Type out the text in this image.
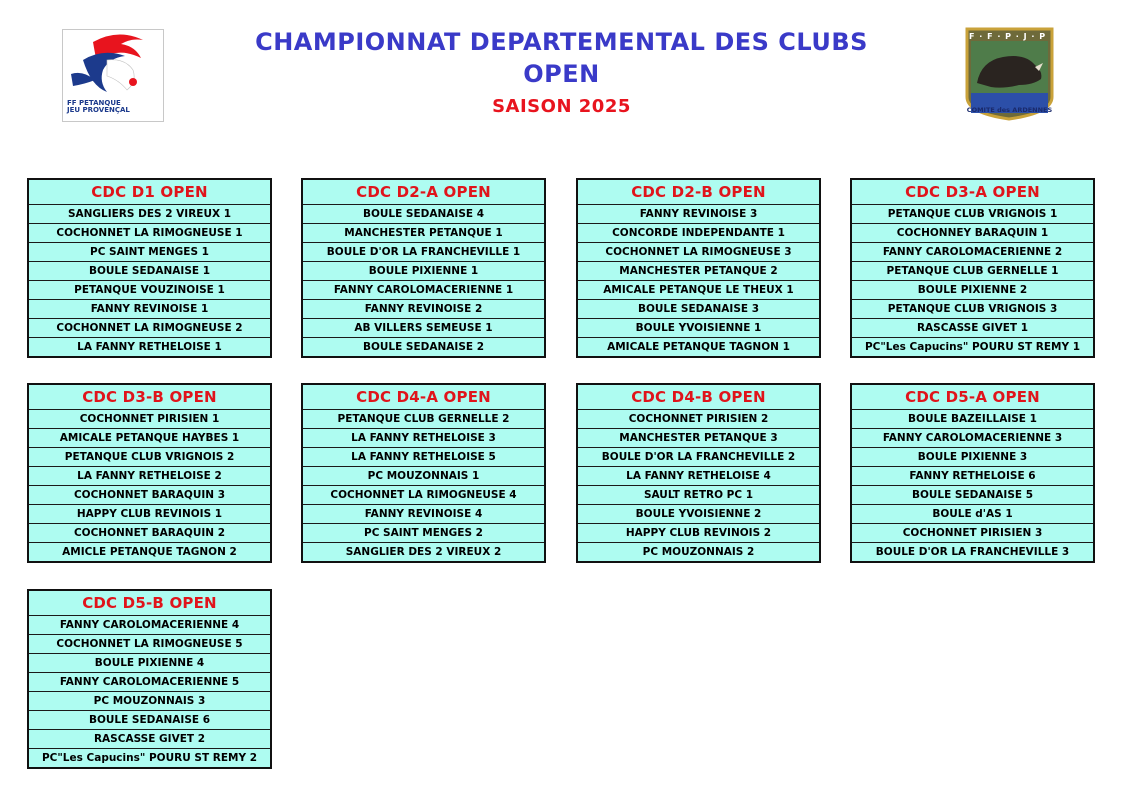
CHAMPIONNAT DEPARTEMENTAL DES CLUBS
OPEN
SAISON 2025
FF PETANQUE
JEU PROVENÇAL
F · F · P · J · P
COMITE des ARDENNES
CDC D1 OPEN
SANGLIERS DES 2 VIREUX 1
COCHONNET LA RIMOGNEUSE 1
PC SAINT MENGES 1
BOULE SEDANAISE 1
PETANQUE VOUZINOISE 1
FANNY REVINOISE 1
COCHONNET LA RIMOGNEUSE 2
LA FANNY RETHELOISE 1
CDC D2-A OPEN
BOULE SEDANAISE 4
MANCHESTER PETANQUE 1
BOULE D'OR LA FRANCHEVILLE 1
BOULE PIXIENNE 1
FANNY CAROLOMACERIENNE 1
FANNY REVINOISE 2
AB VILLERS SEMEUSE 1
BOULE SEDANAISE 2
CDC D2-B OPEN
FANNY REVINOISE 3
CONCORDE INDEPENDANTE 1
COCHONNET LA RIMOGNEUSE 3
MANCHESTER PETANQUE 2
AMICALE PETANQUE LE THEUX 1
BOULE SEDANAISE 3
BOULE YVOISIENNE 1
AMICALE PETANQUE TAGNON 1
CDC D3-A OPEN
PETANQUE CLUB VRIGNOIS 1
COCHONNEY BARAQUIN 1
FANNY CAROLOMACERIENNE 2
PETANQUE CLUB GERNELLE 1
BOULE PIXIENNE 2
PETANQUE CLUB VRIGNOIS 3
RASCASSE GIVET 1
PC"Les Capucins" POURU ST REMY 1
CDC D3-B OPEN
COCHONNET PIRISIEN 1
AMICALE PETANQUE HAYBES 1
PETANQUE CLUB VRIGNOIS 2
LA FANNY RETHELOISE 2
COCHONNET BARAQUIN 3
HAPPY CLUB REVINOIS 1
COCHONNET BARAQUIN 2
AMICLE PETANQUE TAGNON 2
CDC D4-A OPEN
PETANQUE CLUB GERNELLE 2
LA FANNY RETHELOISE 3
LA FANNY RETHELOISE 5
PC MOUZONNAIS 1
COCHONNET LA RIMOGNEUSE 4
FANNY REVINOISE 4
PC SAINT MENGES 2
SANGLIER DES 2 VIREUX 2
CDC D4-B OPEN
COCHONNET PIRISIEN 2
MANCHESTER PETANQUE 3
BOULE D'OR LA FRANCHEVILLE 2
LA FANNY RETHELOISE 4
SAULT RETRO PC 1
BOULE YVOISIENNE 2
HAPPY CLUB REVINOIS 2
PC MOUZONNAIS 2
CDC D5-A OPEN
BOULE BAZEILLAISE 1
FANNY CAROLOMACERIENNE 3
BOULE PIXIENNE 3
FANNY RETHELOISE 6
BOULE SEDANAISE 5
BOULE d'AS 1
COCHONNET PIRISIEN 3
BOULE D'OR LA FRANCHEVILLE 3
CDC D5-B OPEN
FANNY CAROLOMACERIENNE 4
COCHONNET LA RIMOGNEUSE 5
BOULE PIXIENNE 4
FANNY CAROLOMACERIENNE 5
PC MOUZONNAIS 3
BOULE SEDANAISE 6
RASCASSE GIVET 2
PC"Les Capucins" POURU ST REMY 2
